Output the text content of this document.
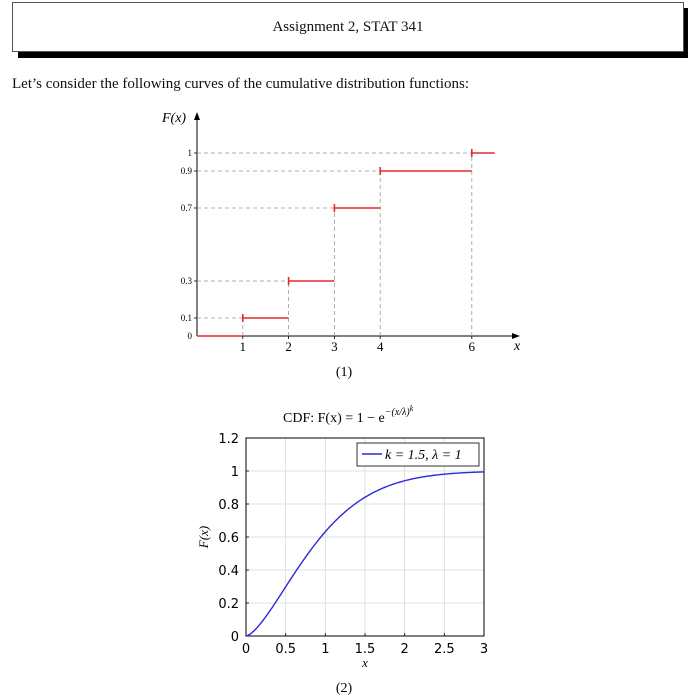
Assignment 2, STAT 341
Let’s consider the following curves of the cumulative distribution functions:
F(x)
x
0
0.1
0.3
0.7
0.9
1
1	2	3	4	6
(1)
CDF: $F(x) = 1 - e^{-(x/\lambda)k}$
0 0.5 1 1.5 2 2.5 3
0
0.2
0.4
0.6
0.8
1
1.2
k = 1.5, λ = 1
F(x)
x
(2)
